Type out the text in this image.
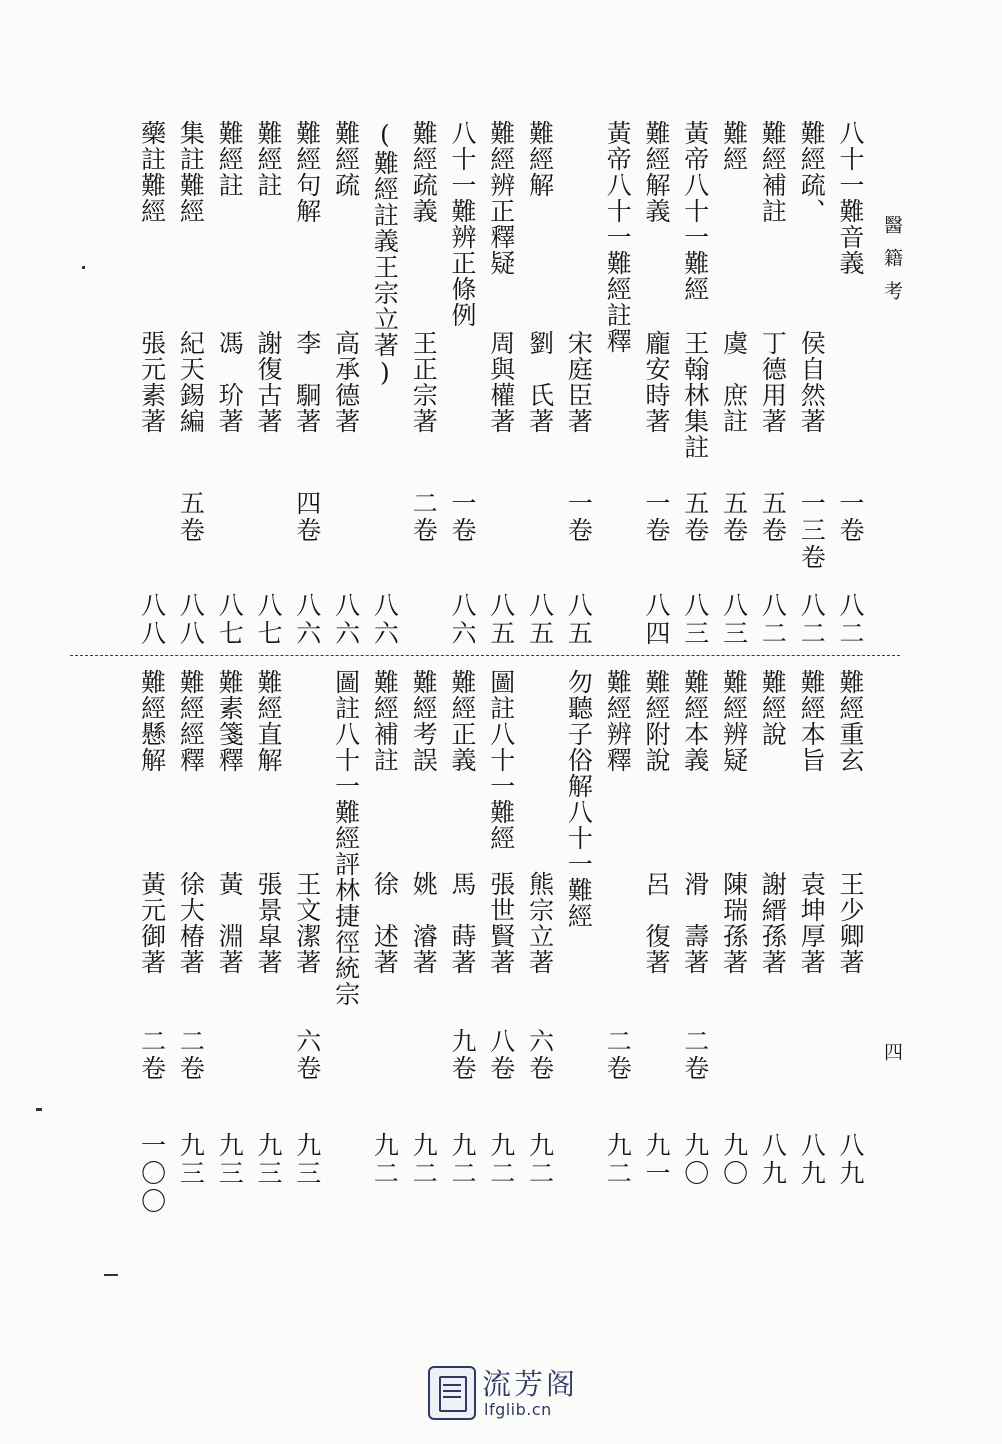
醫籍考
四
八十一難音義
一卷
八二
難經疏、
侯自然著
一三卷
八二
難經補註
丁德用著
五卷
八二
難經
虞　庶註
五卷
八三
黃帝八十一難經
王翰林集註
五卷
八三
難經解義
龐安時著
一卷
八四
黃帝八十一難經註釋
宋庭臣著
一卷
八五
難經解
劉　氏著
八五
難經辨正釋疑
周與權著
八五
八十一難辨正條例
一卷
八六
難經疏義
王正宗著
二卷
(難經註義王宗立著)
八六
難經疏
高承德著
八六
難經句解
李　駉著
四卷
八六
難經註
謝復古著
八七
難經註
馮　玠著
八七
集註難經
紀天錫編
五卷
八八
藥註難經
張元素著
八八
難經重玄
王少卿著
八九
難經本旨
袁坤厚著
八九
難經說
謝縉孫著
八九
難經辨疑
陳瑞孫著
九〇
難經本義
滑　壽著
二卷
九〇
難經附說
呂　復著
九一
難經辨釋
二卷
九二
勿聽子俗解八十一難經
熊宗立著
六卷
九二
圖註八十一難經
張世賢著
八卷
九二
難經正義
馬　蒔著
九卷
九二
難經考誤
姚　濬著
九二
難經補註
徐　述著
九二
圖註八十一難經評林捷徑統宗
王文潔著
六卷
九三
難經直解
張景皐著
九三
難素箋釋
黃　淵著
九三
難經經釋
徐大椿著
二卷
九三
難經懸解
黃元御著
二卷
一〇〇
流芳阁
lfglib.cn
